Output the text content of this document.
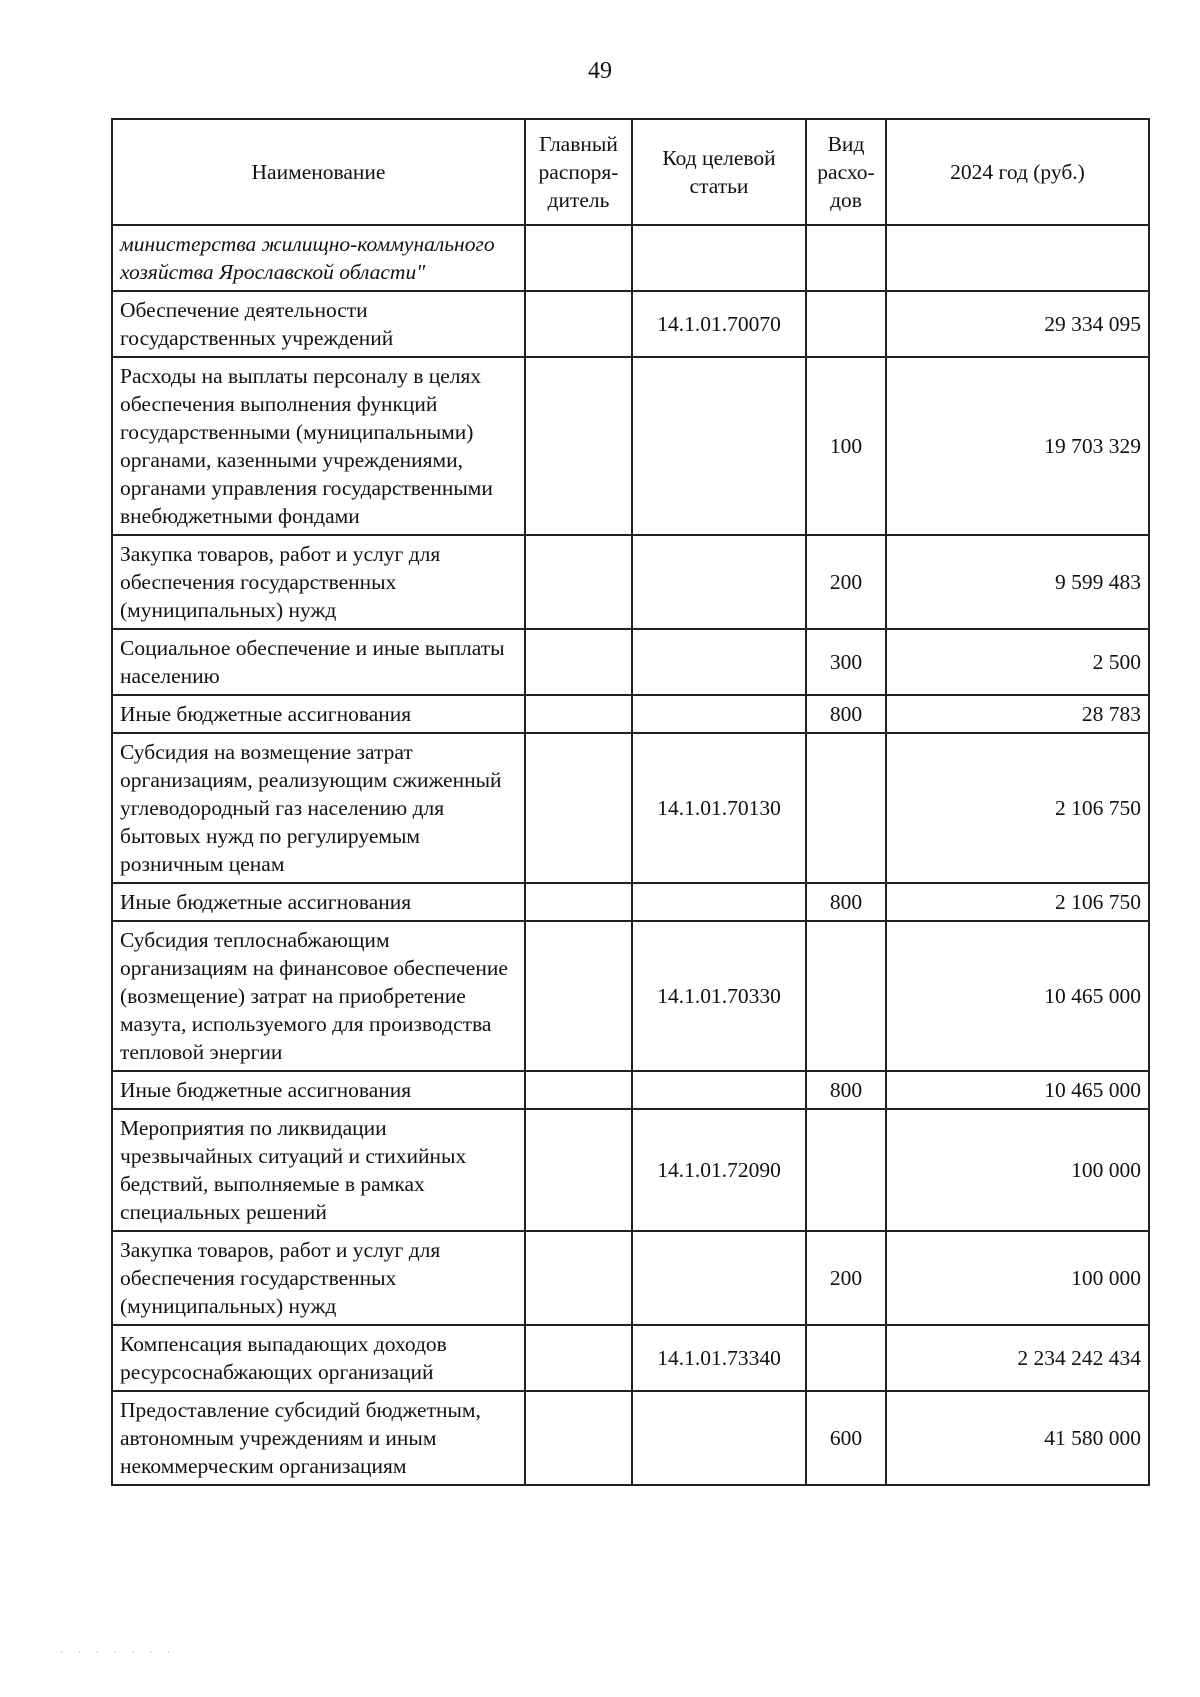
49
Наименование	Главный распоря-дитель	Код целевой статьи	Вид расхо-дов	2024 год (руб.)
министерства жилищно-коммунального хозяйства Ярославской области"				
Обеспечение деятельности государственных учреждений		14.1.01.70070		29 334 095
Расходы на выплаты персоналу в целях обеспечения выполнения функций государственными (муниципальными) органами, казенными учреждениями, органами управления государственными внебюджетными фондами			100	19 703 329
Закупка товаров, работ и услуг для обеспечения государственных (муниципальных) нужд			200	9 599 483
Социальное обеспечение и иные выплаты населению			300	2 500
Иные бюджетные ассигнования			800	28 783
Субсидия на возмещение затрат организациям, реализующим сжиженный углеводородный газ населению для бытовых нужд по регулируемым розничным ценам		14.1.01.70130		2 106 750
Иные бюджетные ассигнования			800	2 106 750
Субсидия теплоснабжающим организациям на финансовое обеспечение (возмещение) затрат на приобретение мазута, используемого для производства тепловой энергии		14.1.01.70330		10 465 000
Иные бюджетные ассигнования			800	10 465 000
Мероприятия по ликвидации чрезвычайных ситуаций и стихийных бедствий, выполняемые в рамках специальных решений		14.1.01.72090		100 000
Закупка товаров, работ и услуг для обеспечения государственных (муниципальных) нужд			200	100 000
Компенсация выпадающих доходов ресурсоснабжающих организаций		14.1.01.73340		2 234 242 434
Предоставление субсидий бюджетным, автономным учреждениям и иным некоммерческим организациям			600	41 580 000
· · · · · · ·
